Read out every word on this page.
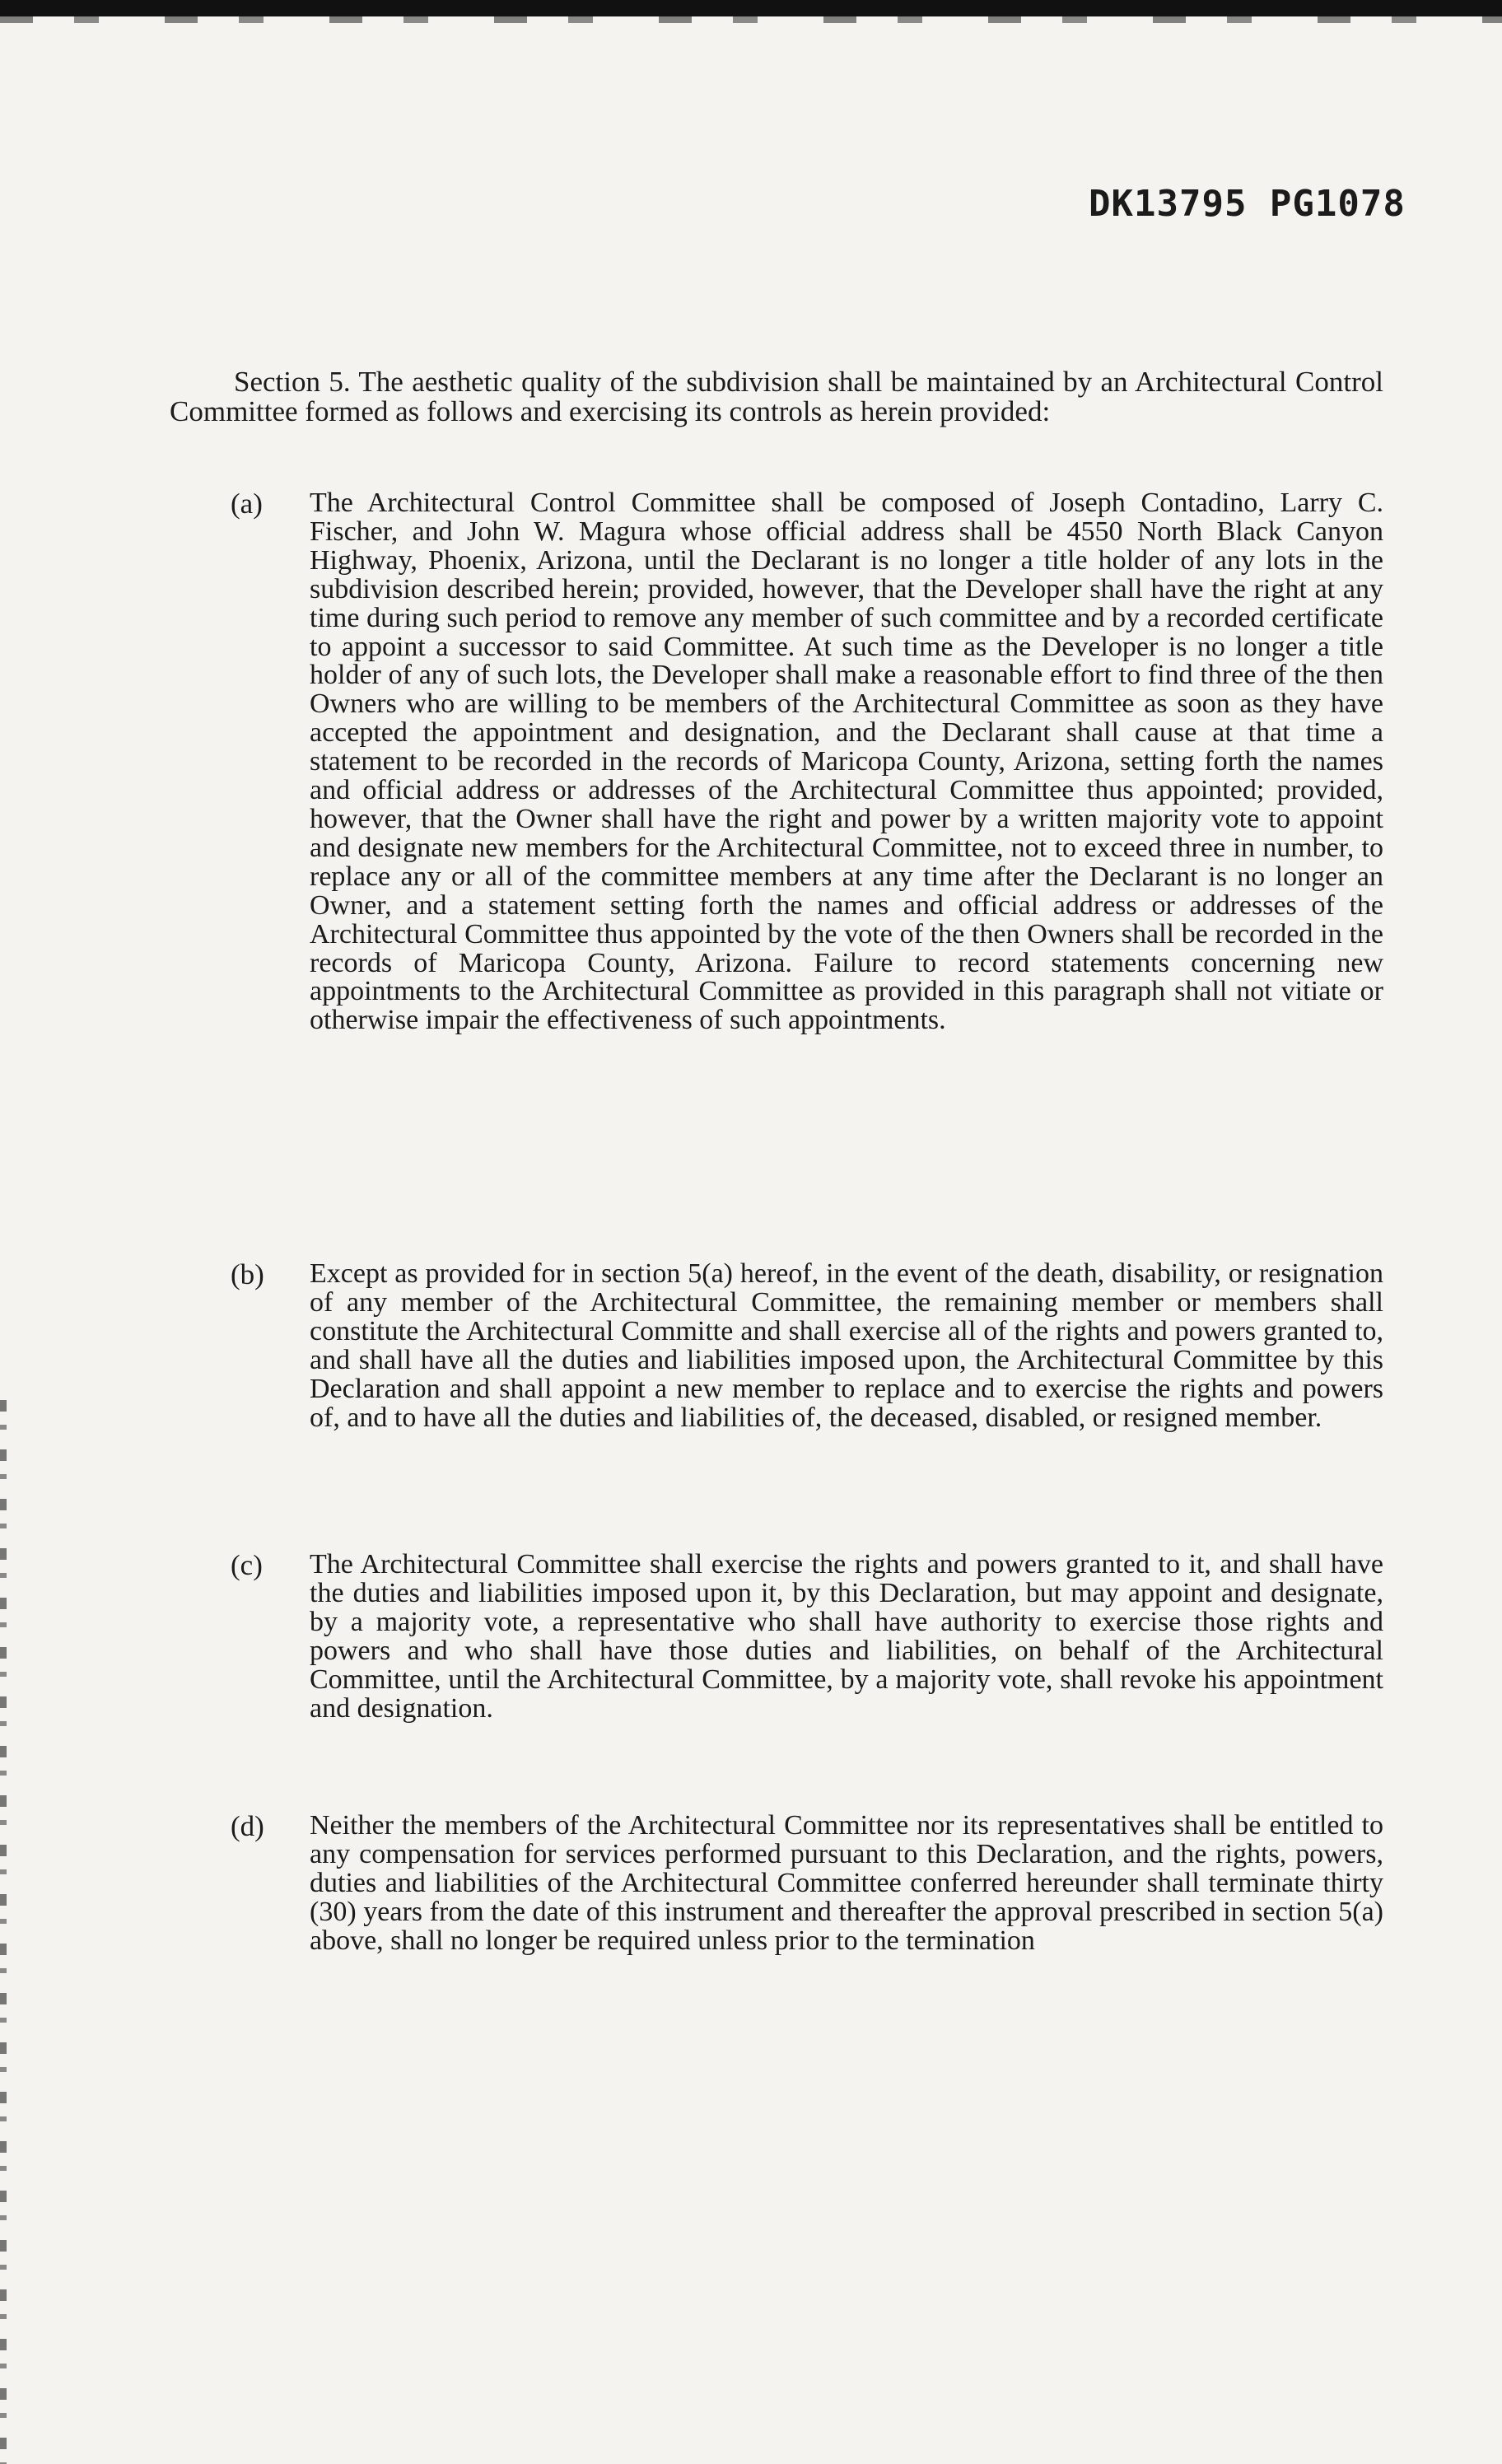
DK13795 PG1078
Section 5. The aesthetic quality of the subdivision shall be maintained by an Architectural Control Committee formed as follows and exercising its controls as herein provided:
(a) The Architectural Control Committee shall be composed of Joseph Contadino, Larry C. Fischer, and John W. Magura whose official address shall be 4550 North Black Canyon Highway, Phoenix, Arizona, until the Declarant is no longer a title holder of any lots in the subdivision described herein; provided, however, that the Developer shall have the right at any time during such period to remove any member of such committee and by a recorded certificate to appoint a successor to said Committee. At such time as the Developer is no longer a title holder of any of such lots, the Developer shall make a reasonable effort to find three of the then Owners who are willing to be members of the Architectural Committee as soon as they have accepted the appointment and designation, and the Declarant shall cause at that time a statement to be recorded in the records of Maricopa County, Arizona, setting forth the names and official address or addresses of the Architectural Committee thus appointed; provided, however, that the Owner shall have the right and power by a written majority vote to appoint and designate new members for the Architectural Committee, not to exceed three in number, to replace any or all of the committee members at any time after the Declarant is no longer an Owner, and a statement setting forth the names and official address or addresses of the Architectural Committee thus appointed by the vote of the then Owners shall be recorded in the records of Maricopa County, Arizona. Failure to record statements concerning new appointments to the Architectural Committee as provided in this paragraph shall not vitiate or otherwise impair the effectiveness of such appointments.
(b) Except as provided for in section 5(a) hereof, in the event of the death, disability, or resignation of any member of the Architectural Committee, the remaining member or members shall constitute the Architectural Committe and shall exercise all of the rights and powers granted to, and shall have all the duties and liabilities imposed upon, the Architectural Committee by this Declaration and shall appoint a new member to replace and to exercise the rights and powers of, and to have all the duties and liabilities of, the deceased, disabled, or resigned member.
(c) The Architectural Committee shall exercise the rights and powers granted to it, and shall have the duties and liabilities imposed upon it, by this Declaration, but may appoint and designate, by a majority vote, a representative who shall have authority to exercise those rights and powers and who shall have those duties and liabilities, on behalf of the Architectural Committee, until the Architectural Committee, by a majority vote, shall revoke his appointment and designation.
(d) Neither the members of the Architectural Committee nor its representatives shall be entitled to any compensation for services performed pursuant to this Declaration, and the rights, powers, duties and liabilities of the Architectural Committee conferred hereunder shall terminate thirty (30) years from the date of this instrument and thereafter the approval prescribed in section 5(a) above, shall no longer be required unless prior to the termination
